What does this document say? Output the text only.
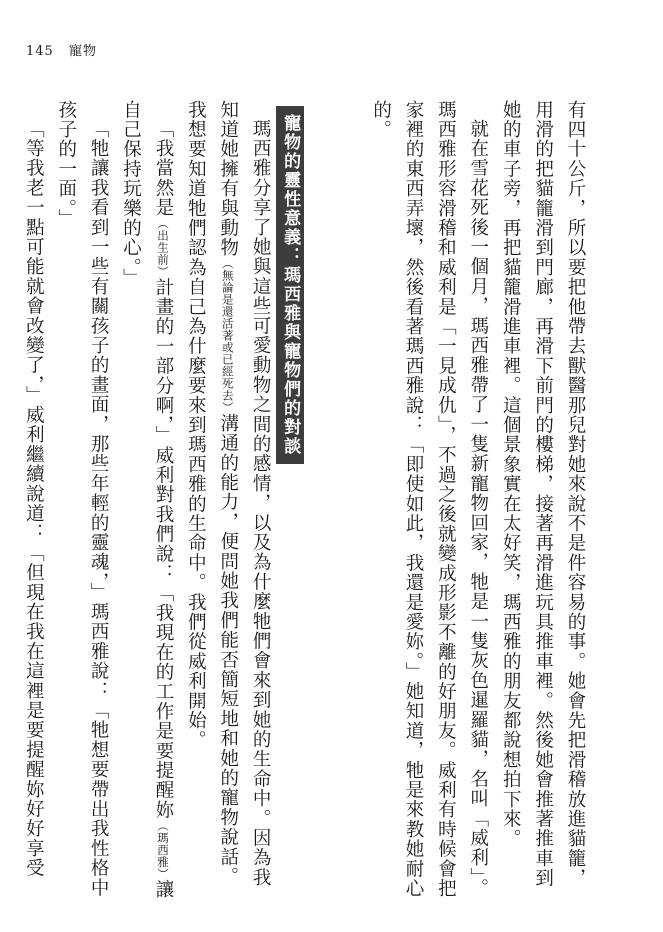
145 寵物

有四十公斤，所以要把他帶去獸醫那兒對她來說不是件容易的事。她會先把滑稽放進貓籠，用滑的把貓籠滑到門廊，再滑下前門的樓梯，接著再滑進玩具推車裡。然後她會推著推車到她的車子旁，再把貓籠滑進車裡。這個景象實在太好笑，瑪西雅的朋友都說想拍下來。

就在雪花死後一個月，瑪西雅帶了一隻新寵物回家，牠是一隻灰色暹羅貓，名叫「威利」。瑪西雅形容滑稽和威利是「一見成仇」，不過之後就變成形影不離的好朋友。威利有時候會把家裡的東西弄壞，然後看著瑪西雅說：「即使如此，我還是愛妳。」她知道，牠是來教她耐心的。

寵物的靈性意義：瑪西雅與寵物們的對談

瑪西雅分享了她與這些可愛動物之間的感情，以及為什麼牠們會來到她的生命中。因為我知道她擁有與動物（無論是還活著或已經死去）溝通的能力，便問她我們能否簡短地和她的寵物說話。我想要知道牠們認為自己為什麼要來到瑪西雅的生命中。我們從威利開始。

「我當然是（出生前）計畫的一部分啊，」威利對我們說：「我現在的工作是要提醒妳（瑪西雅）讓自己保持玩樂的心。」

「牠讓我看到一些有關孩子的畫面，那些年輕的靈魂，」瑪西雅說：「牠想要帶出我性格中孩子的一面。」

「等我老一點可能就會改變了，」威利繼續說道：「但現在我在這裡是要提醒妳好好享受
